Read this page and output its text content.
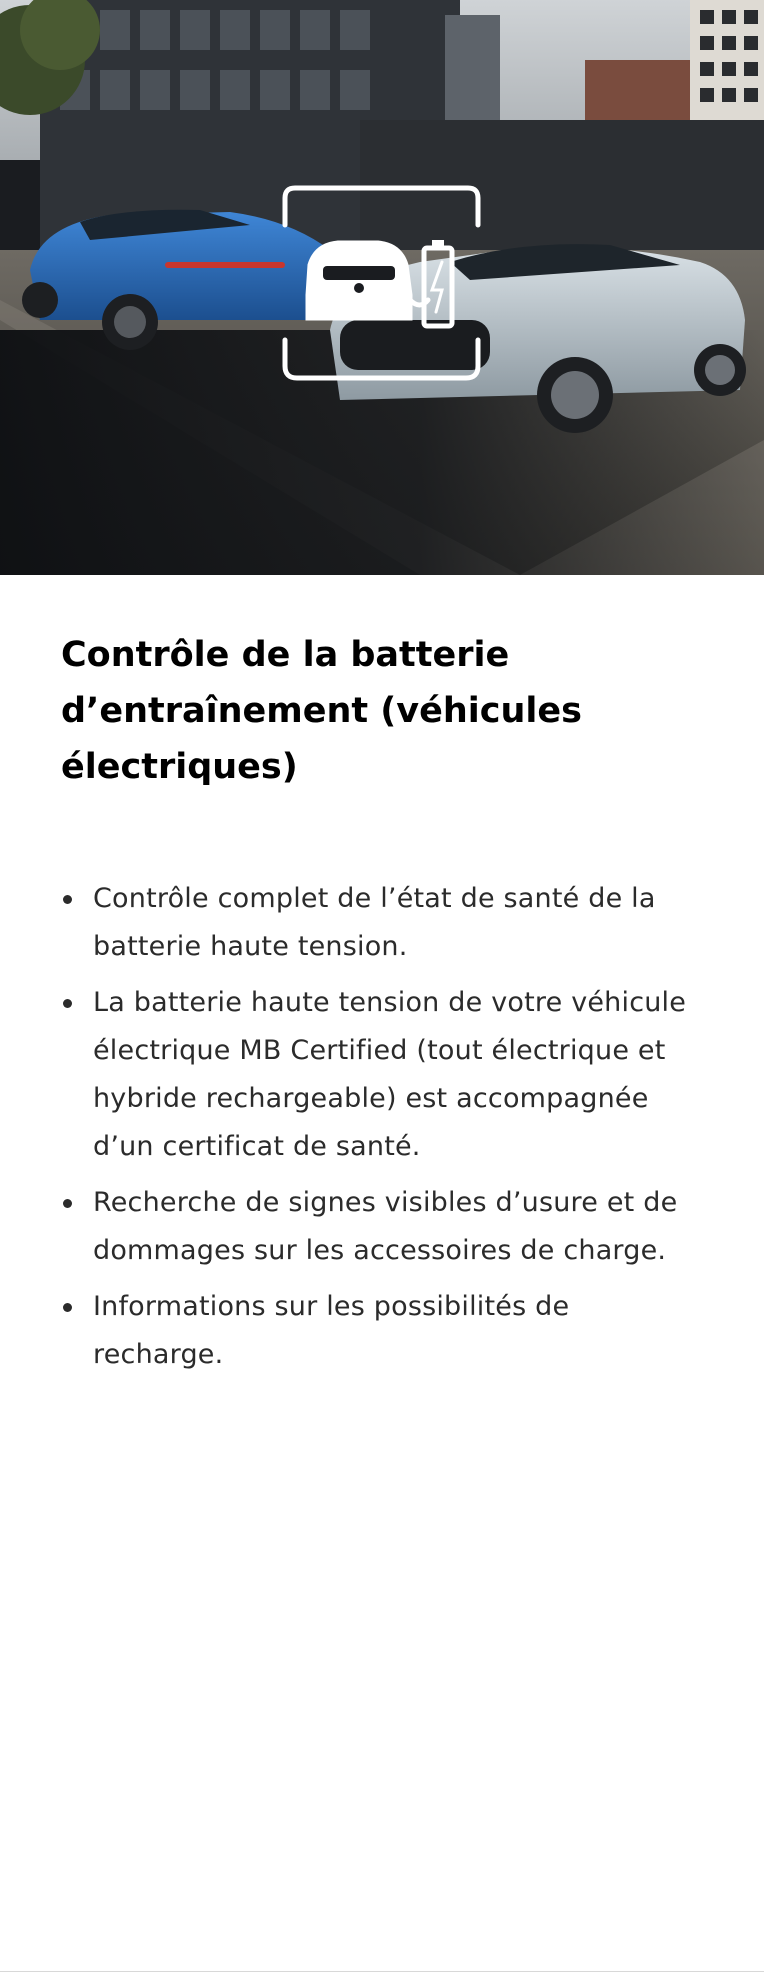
Contrôle de la batterie d’entraînement (véhicules électriques)
Contrôle complet de l’état de santé de la batterie haute tension.
La batterie haute tension de votre véhicule électrique MB Certified (tout électrique et hybride rechargeable) est accompagnée d’un certificat de santé.
Recherche de signes visibles d’usure et de dommages sur les accessoires de charge.
Informations sur les possibilités de recharge.
